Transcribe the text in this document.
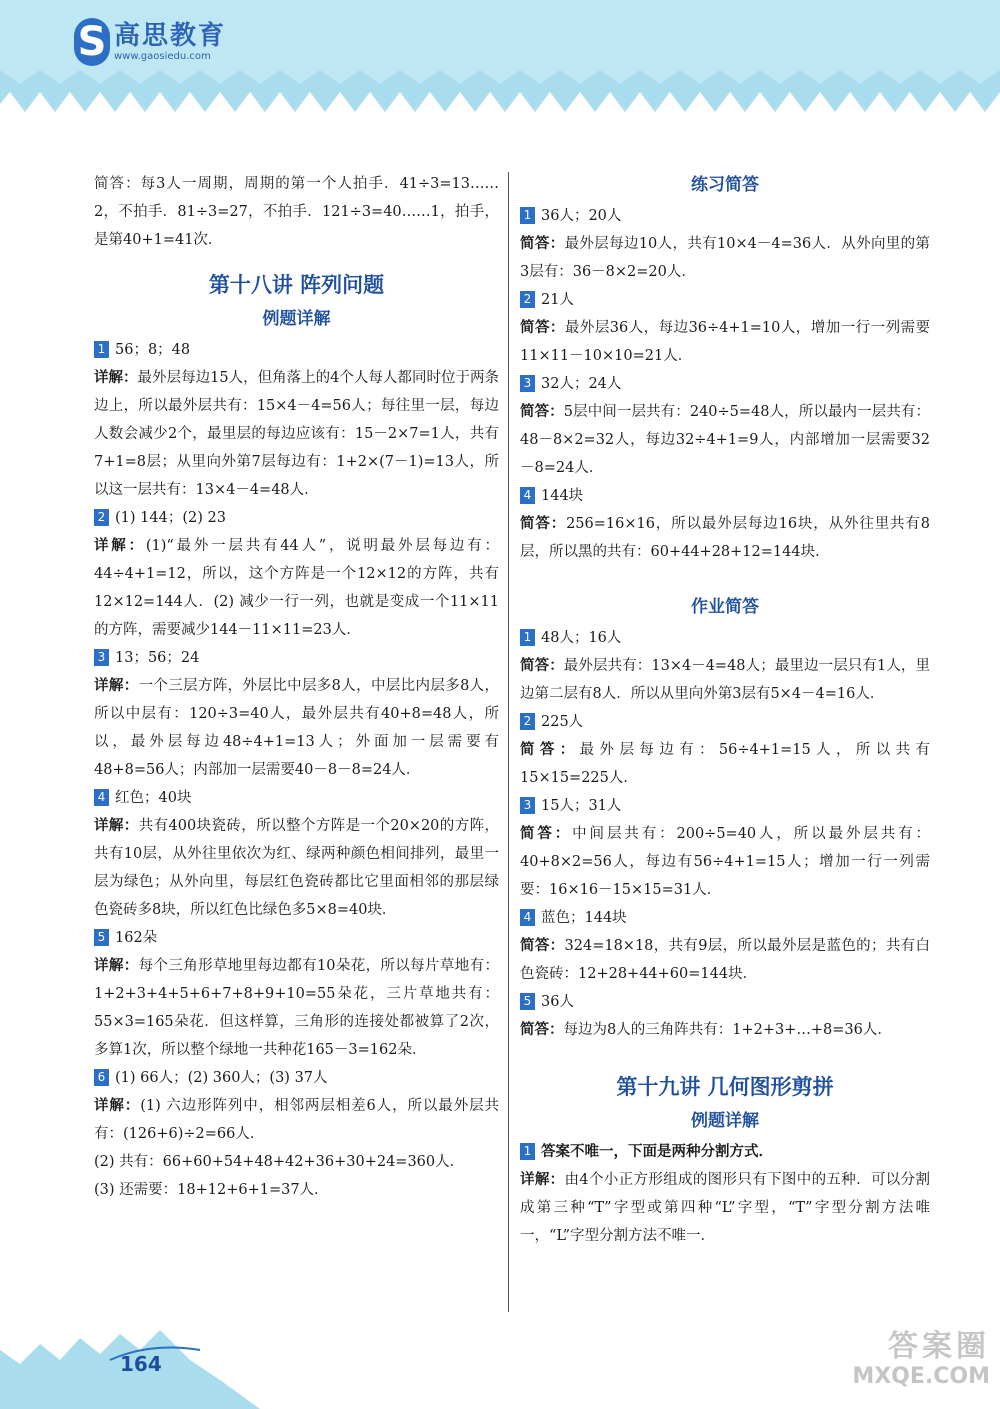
S 高思教育
www.gaosiedu.com

简答：每3人一周期，周期的第一个人拍手．41÷3=13……2，不拍手．81÷3=27，不拍手．121÷3=40……1，拍手，是第40+1=41次．

第十八讲 阵列问题
例题详解
1 56；8；48

详解：最外层每边15人，但角落上的4个人每人都同时位于两条边上，所以最外层共有：15×4－4=56人；每往里一层，每边人数会减少2个，最里层的每边应该有：15－2×7=1人，共有7+1=8层；从里向外第7层每边有：1+2×(7－1)=13人，所以这一层共有：13×4－4=48人．

2 (1) 144；(2) 23

详解：(1)“最外一层共有44人”，说明最外层每边有：44÷4+1=12，所以，这个方阵是一个12×12的方阵，共有12×12=144人．(2) 减少一行一列，也就是变成一个11×11的方阵，需要减少144－11×11=23人．

3 13；56；24

详解：一个三层方阵，外层比中层多8人，中层比内层多8人，所以中层有：120÷3=40人，最外层共有40+8=48人，所以，最外层每边48÷4+1=13人；外面加一层需要有48+8=56人；内部加一层需要40－8－8=24人．

4 红色；40块

详解：共有400块瓷砖，所以整个方阵是一个20×20的方阵，共有10层，从外往里依次为红、绿两种颜色相间排列，最里一层为绿色；从外向里，每层红色瓷砖都比它里面相邻的那层绿色瓷砖多8块，所以红色比绿色多5×8=40块．

5 162朵

详解：每个三角形草地里每边都有10朵花，所以每片草地有：1+2+3+4+5+6+7+8+9+10=55朵花，三片草地共有：55×3=165朵花．但这样算，三角形的连接处都被算了2次，多算1次，所以整个绿地一共种花165－3=162朵．

6 (1) 66人；(2) 360人；(3) 37人

详解：(1) 六边形阵列中，相邻两层相差6人，所以最外层共有：(126+6)÷2=66人．

(2) 共有：66+60+54+48+42+36+30+24=360人．

(3) 还需要：18+12+6+1=37人．

练习简答
1 36人；20人

简答：最外层每边10人，共有10×4－4=36人．从外向里的第3层有：36－8×2=20人．

2 21人

简答：最外层36人，每边36÷4+1=10人，增加一行一列需要11×11－10×10=21人．

3 32人；24人

简答：5层中间一层共有：240÷5=48人，所以最内一层共有：48－8×2=32人，每边32÷4+1=9人，内部增加一层需要32－8=24人．

4 144块

简答：256=16×16，所以最外层每边16块，从外往里共有8层，所以黑的共有：60+44+28+12=144块．

作业简答
1 48人；16人

简答：最外层共有：13×4－4=48人；最里边一层只有1人，里边第二层有8人．所以从里向外第3层有5×4－4=16人．

2 225人

简答：最外层每边有：56÷4+1=15人，所以共有15×15=225人．

3 15人；31人

简答：中间层共有：200÷5=40人，所以最外层共有：40+8×2=56人，每边有56÷4+1=15人；增加一行一列需要：16×16－15×15=31人．

4 蓝色；144块

简答：324=18×18，共有9层，所以最外层是蓝色的；共有白色瓷砖：12+28+44+60=144块．

5 36人

简答：每边为8人的三角阵共有：1+2+3+…+8=36人．

第十九讲 几何图形剪拼
例题详解
1 答案不唯一，下面是两种分割方式．

详解：由4个小正方形组成的图形只有下图中的五种．可以分割成第三种“T”字型或第四种“L”字型，“T”字型分割方法唯一，“L”字型分割方法不唯一．

164	答案圈
MXQE.COM
